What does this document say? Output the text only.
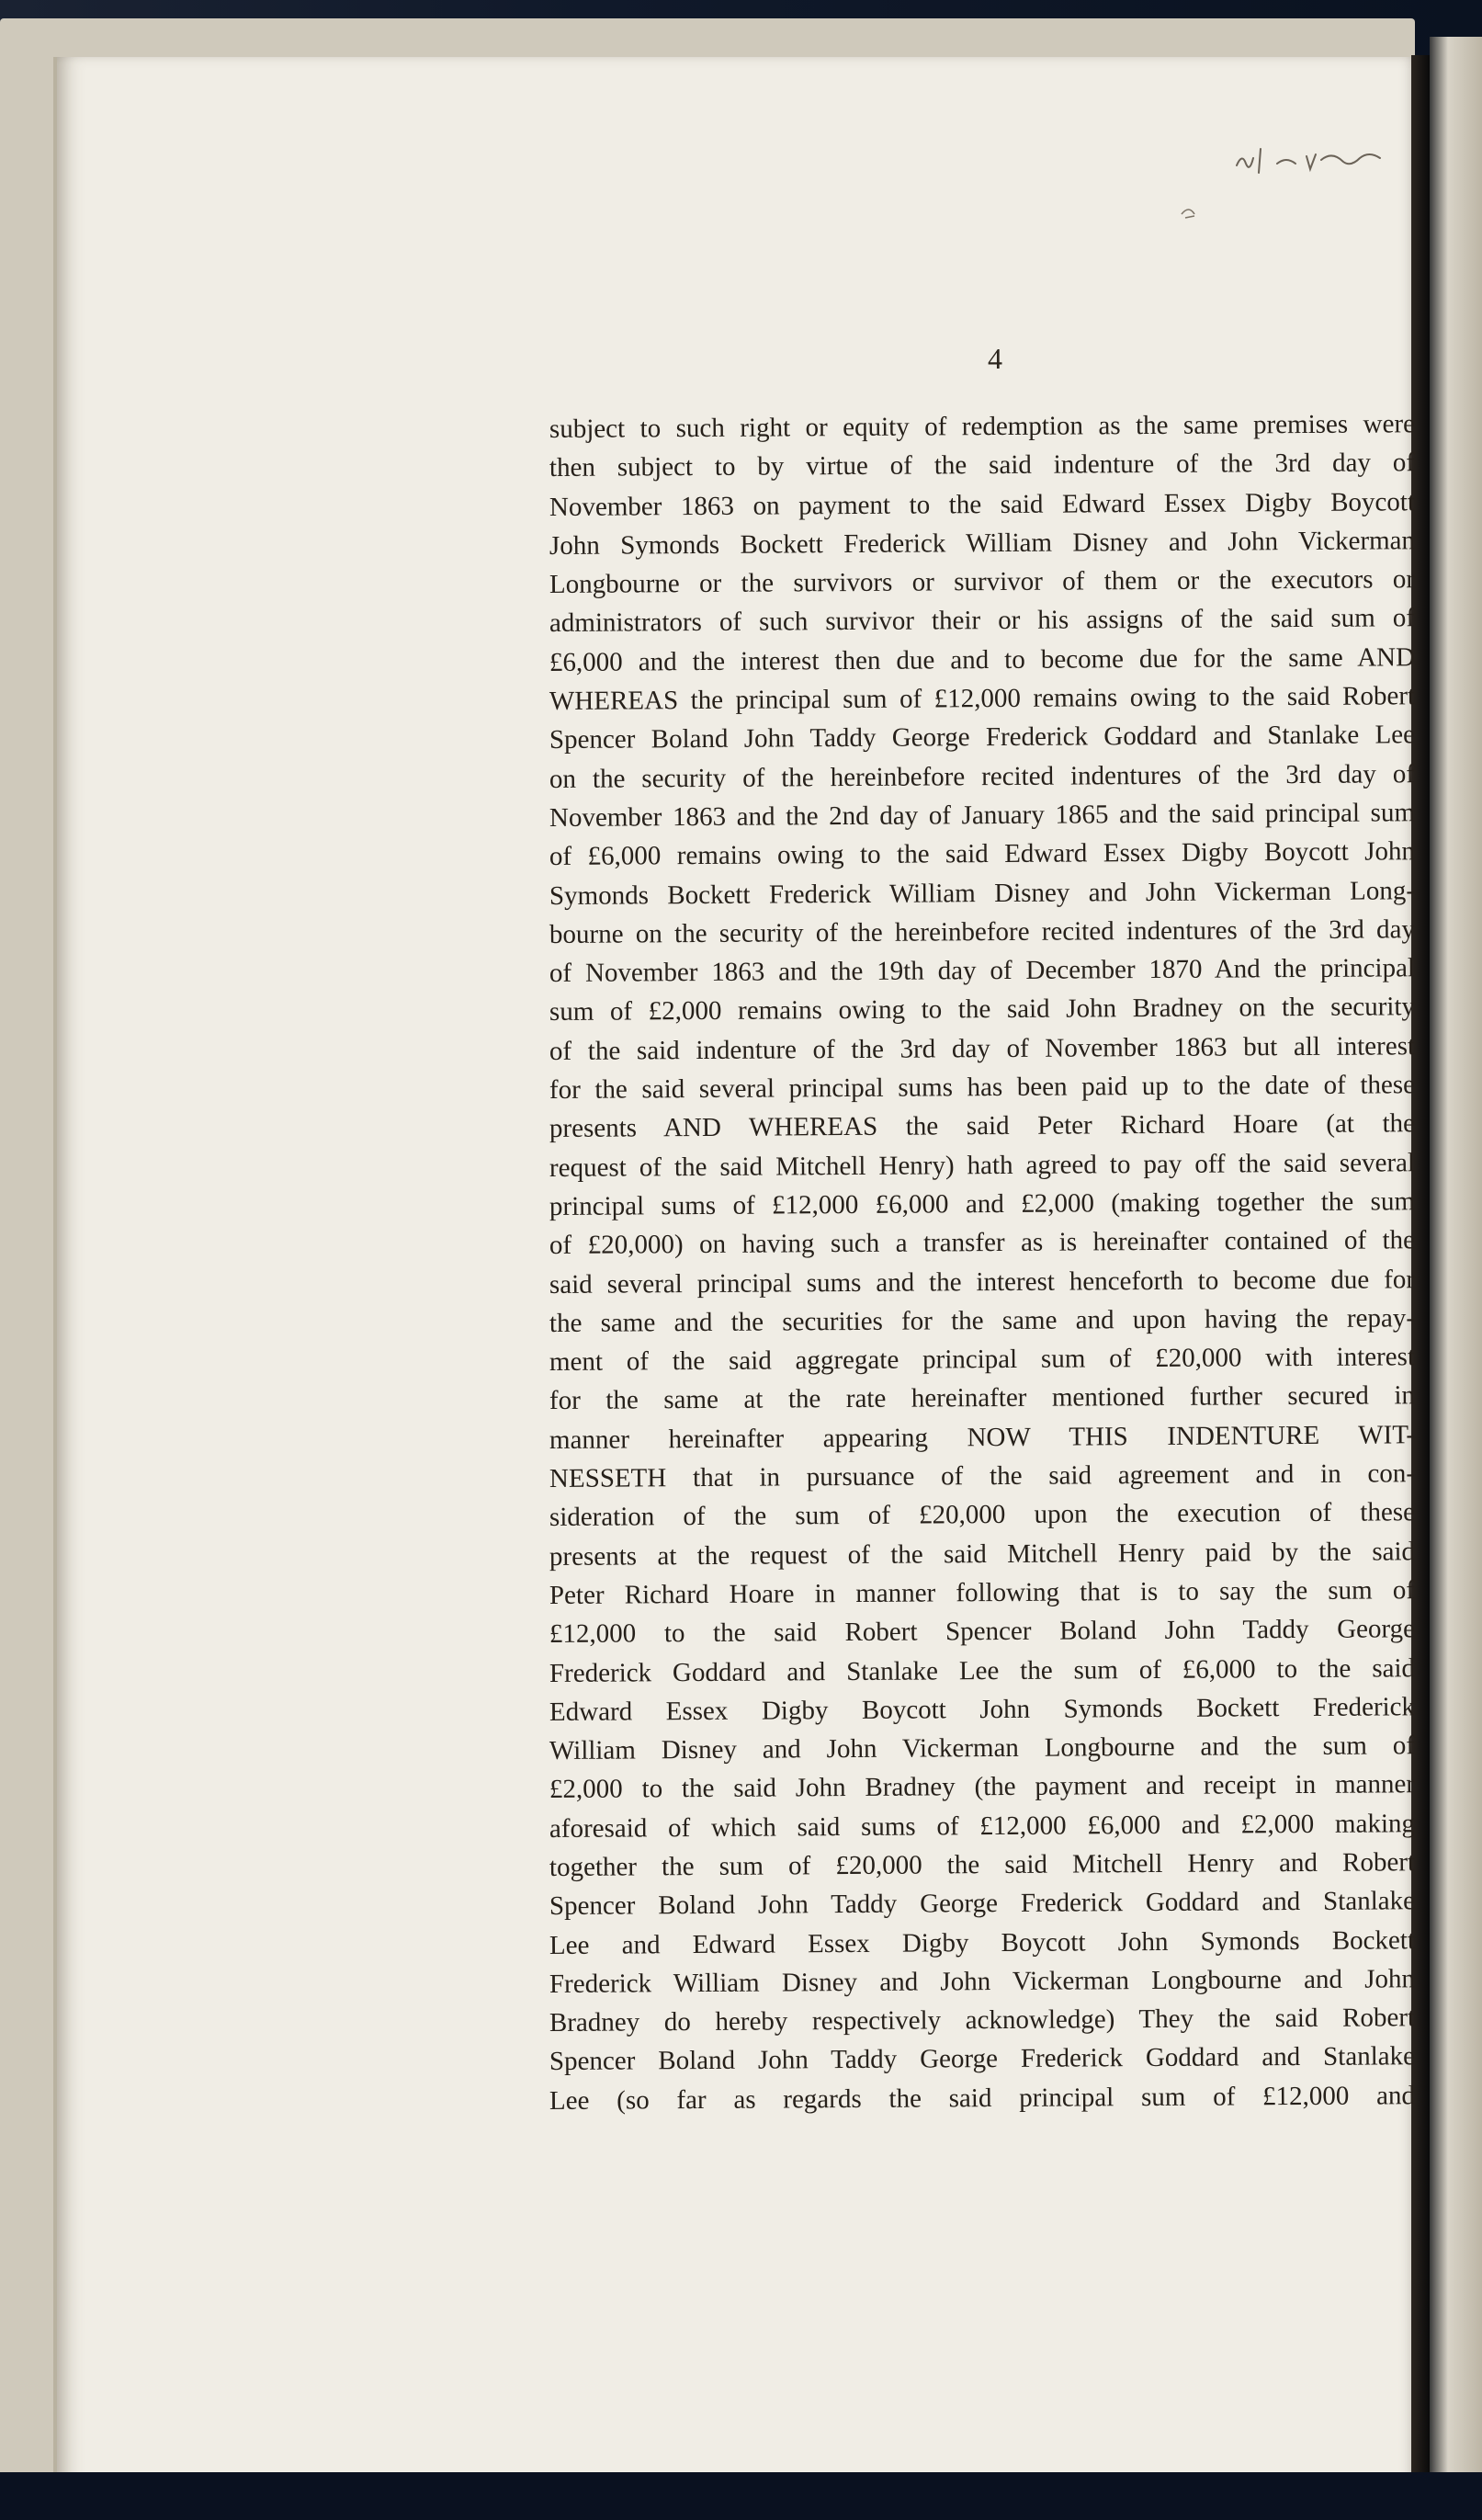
4
subject to such right or equity of redemption as the same premises were
then subject to by virtue of the said indenture of the 3rd day of
November 1863 on payment to the said Edward Essex Digby Boycott
John Symonds Bockett Frederick William Disney and John Vickerman
Longbourne or the survivors or survivor of them or the executors or
administrators of such survivor their or his assigns of the said sum of
£6,000 and the interest then due and to become due for the same AND
WHEREAS the principal sum of £12,000 remains owing to the said Robert
Spencer Boland John Taddy George Frederick Goddard and Stanlake Lee
on the security of the hereinbefore recited indentures of the 3rd day of
November 1863 and the 2nd day of January 1865 and the said principal sum
of £6,000 remains owing to the said Edward Essex Digby Boycott John
Symonds Bockett Frederick William Disney and John Vickerman Long-
bourne on the security of the hereinbefore recited indentures of the 3rd day
of November 1863 and the 19th day of December 1870 And the principal
sum of £2,000 remains owing to the said John Bradney on the security
of the said indenture of the 3rd day of November 1863 but all interest
for the said several principal sums has been paid up to the date of these
presents AND WHEREAS the said Peter Richard Hoare (at the
request of the said Mitchell Henry) hath agreed to pay off the said several
principal sums of £12,000 £6,000 and £2,000 (making together the sum
of £20,000) on having such a transfer as is hereinafter contained of the
said several principal sums and the interest henceforth to become due for
the same and the securities for the same and upon having the repay-
ment of the said aggregate principal sum of £20,000 with interest
for the same at the rate hereinafter mentioned further secured in
manner hereinafter appearing NOW THIS INDENTURE WIT-
NESSETH that in pursuance of the said agreement and in con-
sideration of the sum of £20,000 upon the execution of these
presents at the request of the said Mitchell Henry paid by the said
Peter Richard Hoare in manner following that is to say the sum of
£12,000 to the said Robert Spencer Boland John Taddy George
Frederick Goddard and Stanlake Lee the sum of £6,000 to the said
Edward Essex Digby Boycott John Symonds Bockett Frederick
William Disney and John Vickerman Longbourne and the sum of
£2,000 to the said John Bradney (the payment and receipt in manner
aforesaid of which said sums of £12,000 £6,000 and £2,000 making
together the sum of £20,000 the said Mitchell Henry and Robert
Spencer Boland John Taddy George Frederick Goddard and Stanlake
Lee and Edward Essex Digby Boycott John Symonds Bockett
Frederick William Disney and John Vickerman Longbourne and John
Bradney do hereby respectively acknowledge) They the said Robert
Spencer Boland John Taddy George Frederick Goddard and Stanlake
Lee (so far as regards the said principal sum of £12,000 and
